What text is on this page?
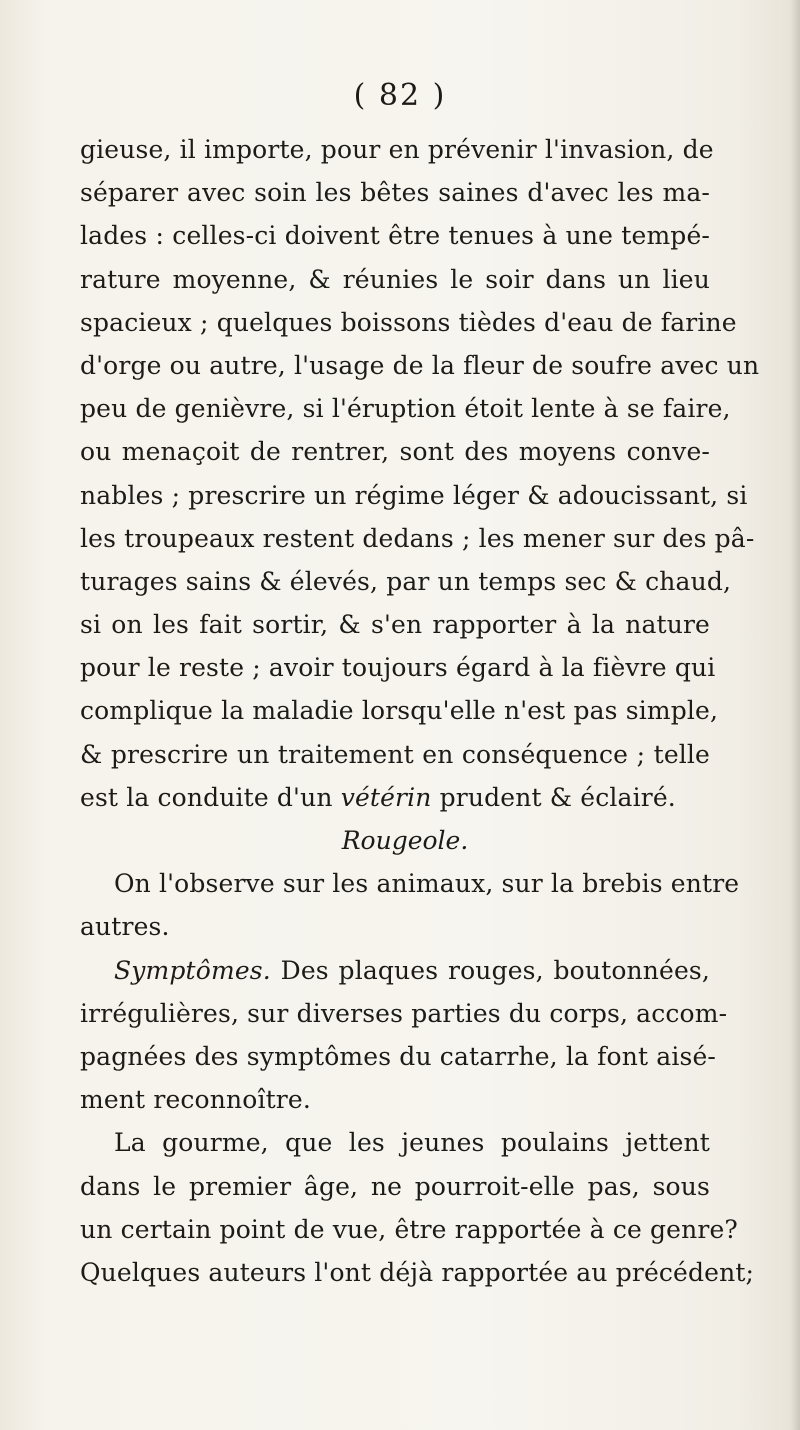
( 82 )
gieuse, il importe, pour en prévenir l'invasion, de
séparer avec soin les bêtes saines d'avec les ma-
lades : celles-ci doivent être tenues à une tempé-
rature moyenne, & réunies le soir dans un lieu
spacieux ; quelques boissons tièdes d'eau de farine
d'orge ou autre, l'usage de la fleur de soufre avec un
peu de genièvre, si l'éruption étoit lente à se faire,
ou menaçoit de rentrer, sont des moyens conve-
nables ; prescrire un régime léger & adoucissant, si
les troupeaux restent dedans ; les mener sur des pâ-
turages sains & élevés, par un temps sec & chaud,
si on les fait sortir, & s'en rapporter à la nature
pour le reste ; avoir toujours égard à la fièvre qui
complique la maladie lorsqu'elle n'est pas simple,
& prescrire un traitement en conséquence ; telle
est la conduite d'un vétérin prudent & éclairé.
Rougeole.
On l'observe sur les animaux, sur la brebis entre
autres.
Symptômes. Des plaques rouges, boutonnées,
irrégulières, sur diverses parties du corps, accom-
pagnées des symptômes du catarrhe, la font aisé-
ment reconnoître.
La gourme, que les jeunes poulains jettent
dans le premier âge, ne pourroit-elle pas, sous
un certain point de vue, être rapportée à ce genre?
Quelques auteurs l'ont déjà rapportée au précédent;
